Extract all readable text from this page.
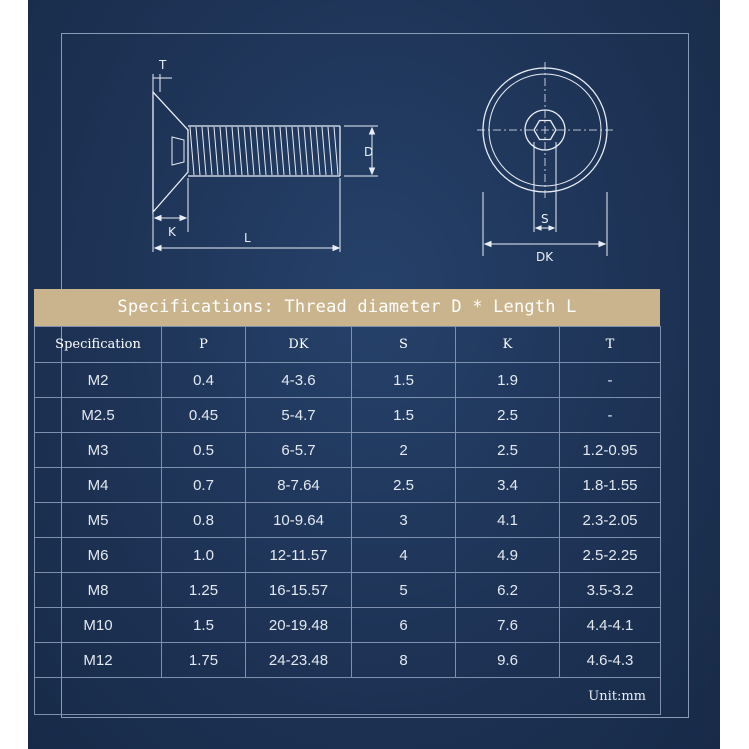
T
D
K	L
S
DK
Specifications: Thread diameter D * Length L
Specification	P	DK	S	K	T
M2	0.4	4-3.6	1.5	1.9	-
M2.5	0.45	5-4.7	1.5	2.5	-
M3	0.5	6-5.7	2	2.5	1.2-0.95
M4	0.7	8-7.64	2.5	3.4	1.8-1.55
M5	0.8	10-9.64	3	4.1	2.3-2.05
M6	1.0	12-11.57	4	4.9	2.5-2.25
M8	1.25	16-15.57	5	6.2	3.5-3.2
M10	1.5	20-19.48	6	7.6	4.4-4.1
M12	1.75	24-23.48	8	9.6	4.6-4.3
Unit:mm					
